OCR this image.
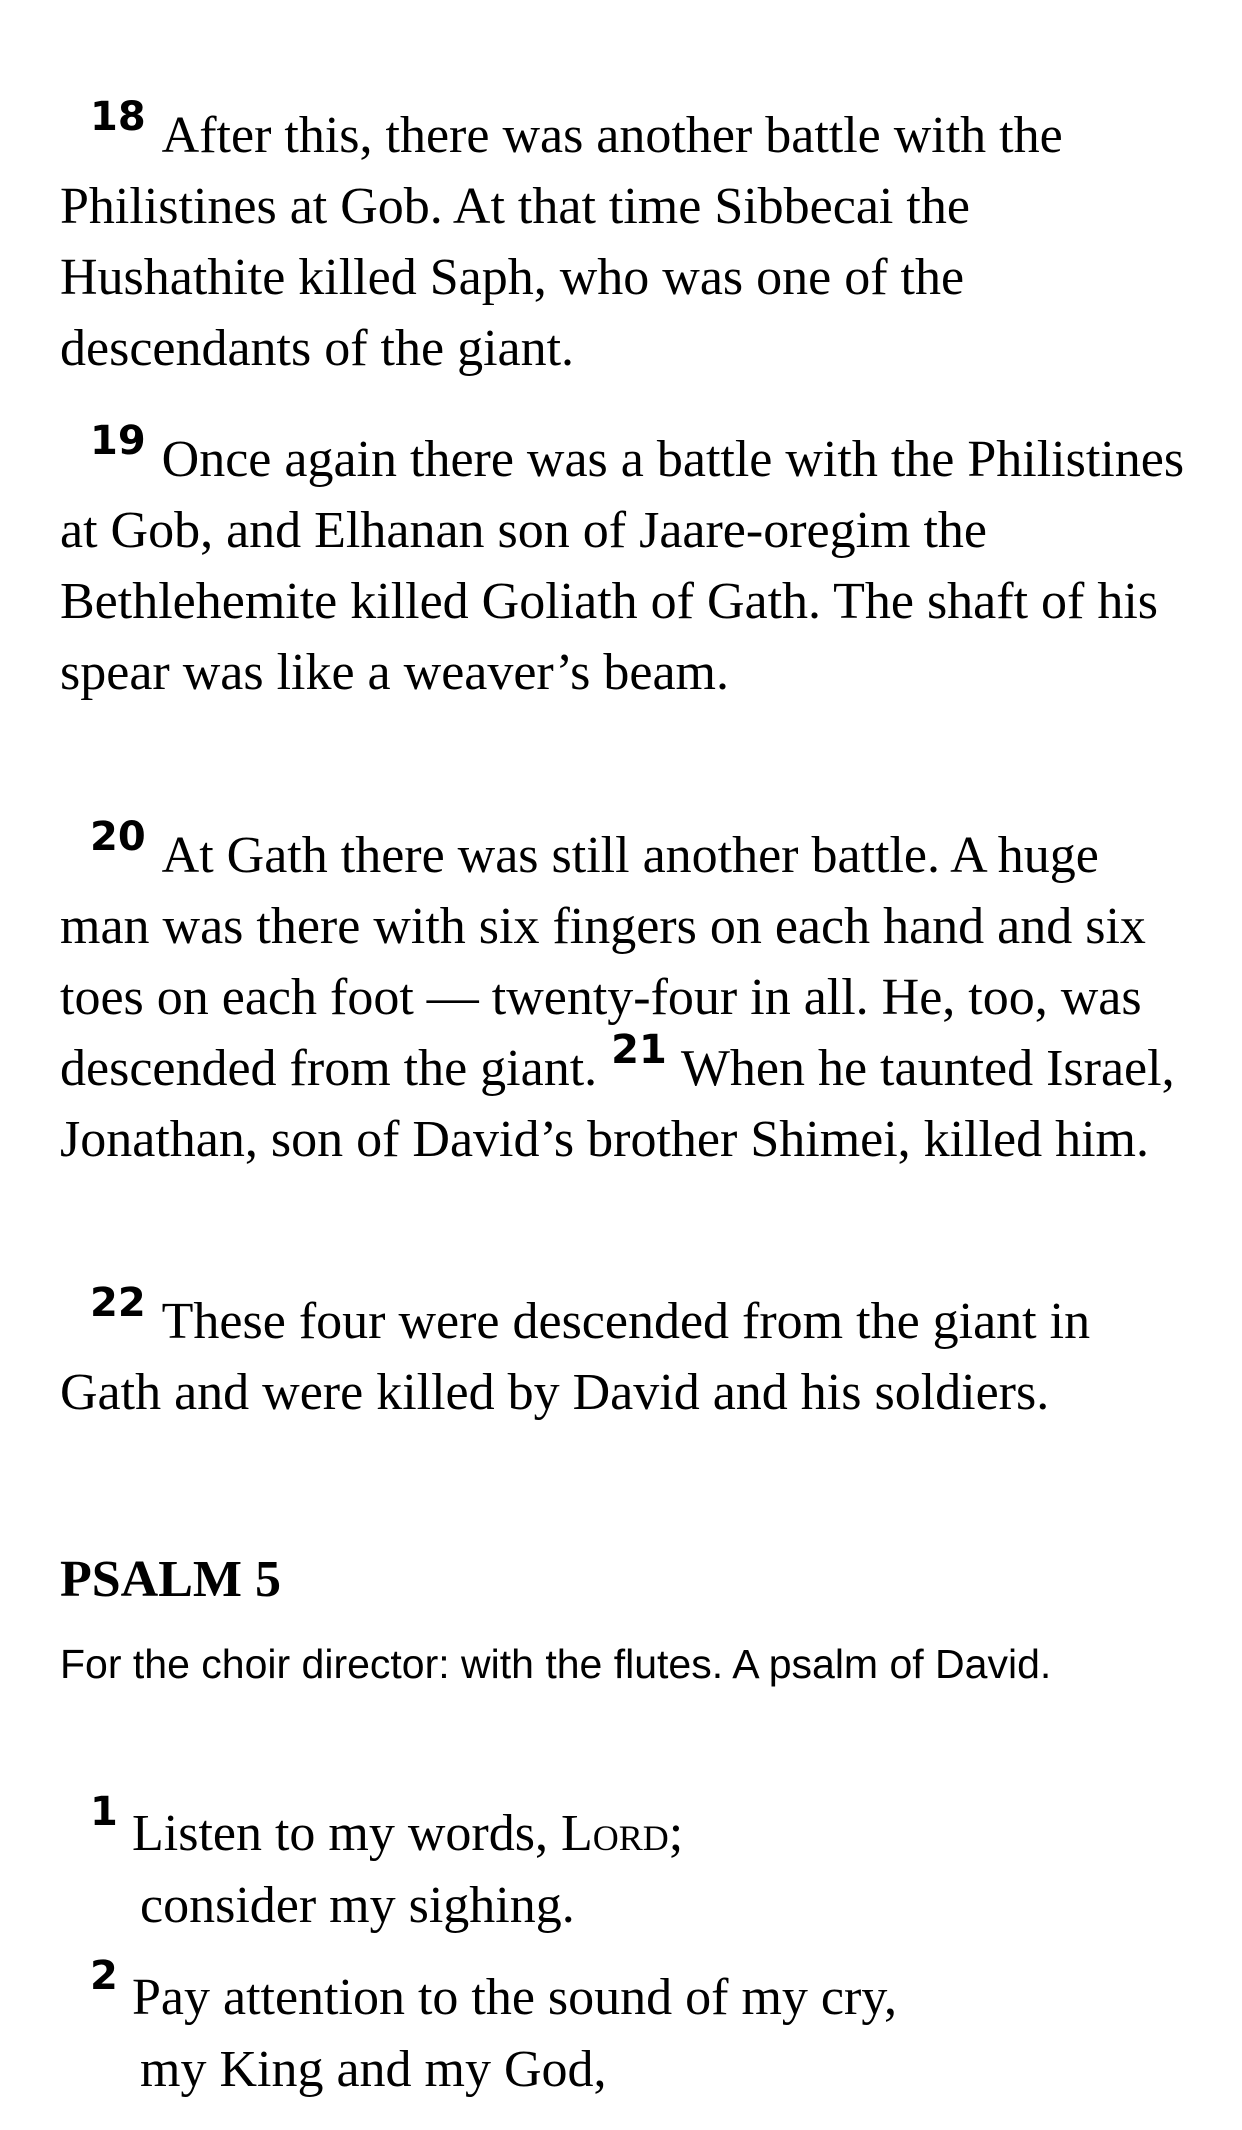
18 After this, there was another battle with the Philistines at Gob. At that time Sibbecai the Hushathite killed Saph, who was one of the descendants of the giant.

19 Once again there was a battle with the Philistines at Gob, and Elhanan son of Jaare-oregim the Bethlehemite killed Goliath of Gath. The shaft of his spear was like a weaver’s beam.

20 At Gath there was still another battle. A huge man was there with six fingers on each hand and six toes on each foot — twenty-four in all. He, too, was descended from the giant. $^{21}$ When he taunted Israel, Jonathan, son of David’s brother Shimei, killed him.

22 These four were descended from the giant in Gath and were killed by David and his soldiers.

PSALM 5

For the choir director: with the flutes. A psalm of David.

1 Listen to my words, Lord;
consider my sighing.
2 Pay attention to the sound of my cry,
my King and my God,
